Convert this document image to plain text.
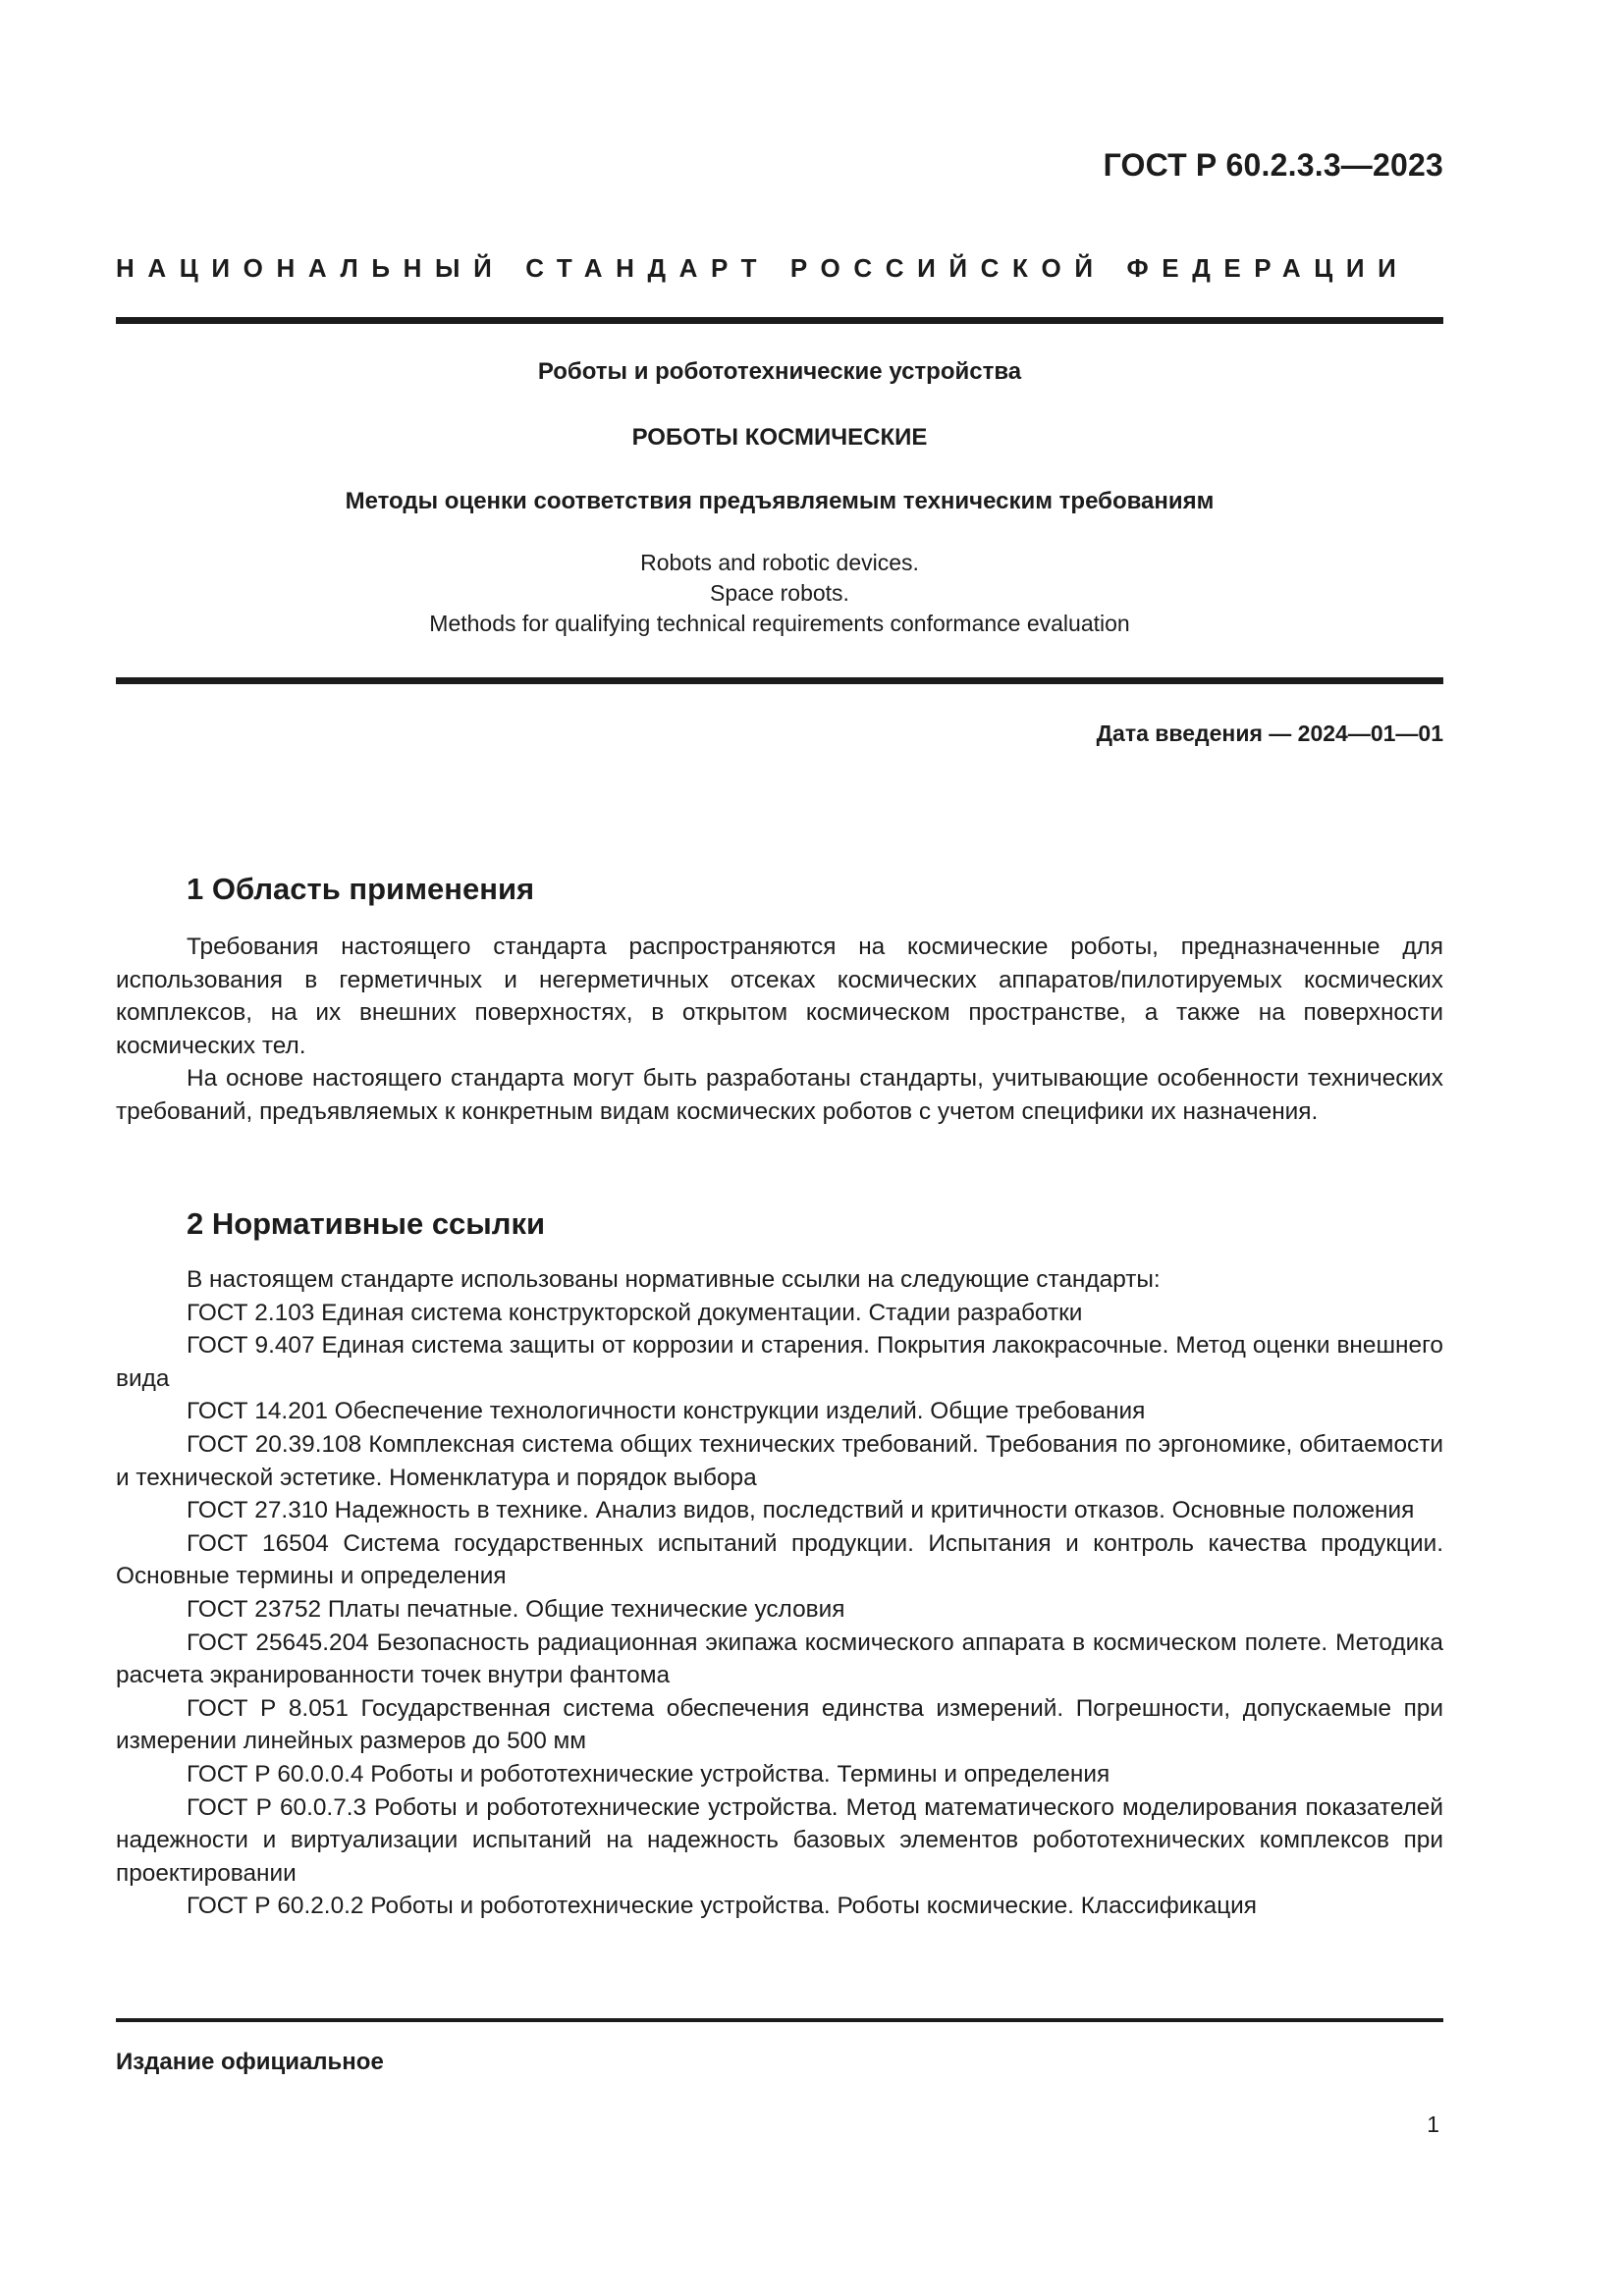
ГОСТ Р 60.2.3.3—2023
НАЦИОНАЛЬНЫЙ СТАНДАРТ РОССИЙСКОЙ ФЕДЕРАЦИИ
Роботы и робототехнические устройства
РОБОТЫ КОСМИЧЕСКИЕ
Методы оценки соответствия предъявляемым техническим требованиям
Robots and robotic devices.
Space robots.
Methods for qualifying technical requirements conformance evaluation
Дата введения — 2024—01—01
1 Область применения

Требования настоящего стандарта распространяются на космические роботы, предназначенные для использования в герметичных и негерметичных отсеках космических аппаратов/пилотируемых космических комплексов, на их внешних поверхностях, в открытом космическом пространстве, а также на поверхности космических тел.

На основе настоящего стандарта могут быть разработаны стандарты, учитывающие особенности технических требований, предъявляемых к конкретным видам космических роботов с учетом специфики их назначения.

2 Нормативные ссылки

В настоящем стандарте использованы нормативные ссылки на следующие стандарты:

ГОСТ 2.103 Единая система конструкторской документации. Стадии разработки

ГОСТ 9.407 Единая система защиты от коррозии и старения. Покрытия лакокрасочные. Метод оценки внешнего вида

ГОСТ 14.201 Обеспечение технологичности конструкции изделий. Общие требования

ГОСТ 20.39.108 Комплексная система общих технических требований. Требования по эргономике, обитаемости и технической эстетике. Номенклатура и порядок выбора

ГОСТ 27.310 Надежность в технике. Анализ видов, последствий и критичности отказов. Основные положения

ГОСТ 16504 Система государственных испытаний продукции. Испытания и контроль качества продукции. Основные термины и определения

ГОСТ 23752 Платы печатные. Общие технические условия

ГОСТ 25645.204 Безопасность радиационная экипажа космического аппарата в космическом полете. Методика расчета экранированности точек внутри фантома

ГОСТ Р 8.051 Государственная система обеспечения единства измерений. Погрешности, допускаемые при измерении линейных размеров до 500 мм

ГОСТ Р 60.0.0.4 Роботы и робототехнические устройства. Термины и определения

ГОСТ Р 60.0.7.3 Роботы и робототехнические устройства. Метод математического моделирования показателей надежности и виртуализации испытаний на надежность базовых элементов робототехнических комплексов при проектировании

ГОСТ Р 60.2.0.2 Роботы и робототехнические устройства. Роботы космические. Классификация

Издание официальное
1
